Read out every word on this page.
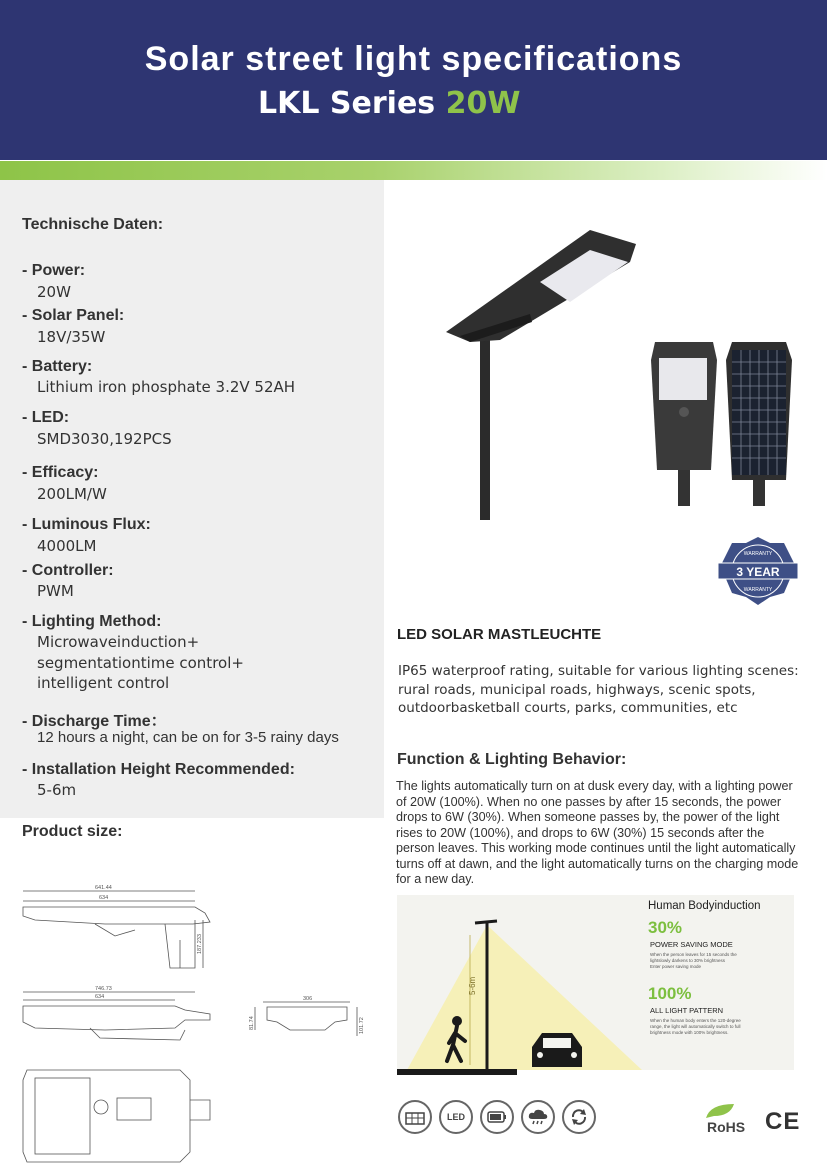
Solar street light specifications
LKL Series 20W
Technische Daten:
- Power:
20W
- Solar Panel:
18V/35W
- Battery:
Lithium iron phosphate 3.2V 52AH
- LED:
SMD3030,192PCS
- Efficacy:
200LM/W
- Luminous Flux:
4000LM
- Controller:
PWM
- Lighting Method:
Microwaveinduction+
segmentationtime control+
intelligent control
- Discharge Time：
12 hours a night, can be on for 3-5 rainy days
- Installation Height Recommended:
5-6m
Product size:
641.44
634
187.233
746.73
634	306
81.74	101.72
WARRANTY
3 YEAR
WARRANTY
LED SOLAR MASTLEUCHTE
IP65 waterproof rating, suitable for various lighting scenes:
rural roads, municipal roads, highways, scenic spots,
outdoorbasketball courts, parks, communities, etc
Function & Lighting Behavior:
The lights automatically turn on at dusk every day, with a lighting power of 20W (100%). When no one passes by after 15 seconds, the power drops to 6W (30%). When someone passes by, the power of the light rises to 20W (100%), and drops to 6W (30%) 15 seconds after the person leaves. This working mode continues until the light automatically turns off at dawn, and the light automatically turns on the charging mode for a new day.
5-6m
Human Bodyinduction
30%
POWER SAVING MODE
When the person leaves for 15 seconds the
lightslowly darkens to 30% brightness
Enter power saving mode
100%
ALL LIGHT PATTERN
When the human body enters the 120-degree
range, the light will automatically switch to full
brightness mode with 100% brightness.
LED
RoHS CE
